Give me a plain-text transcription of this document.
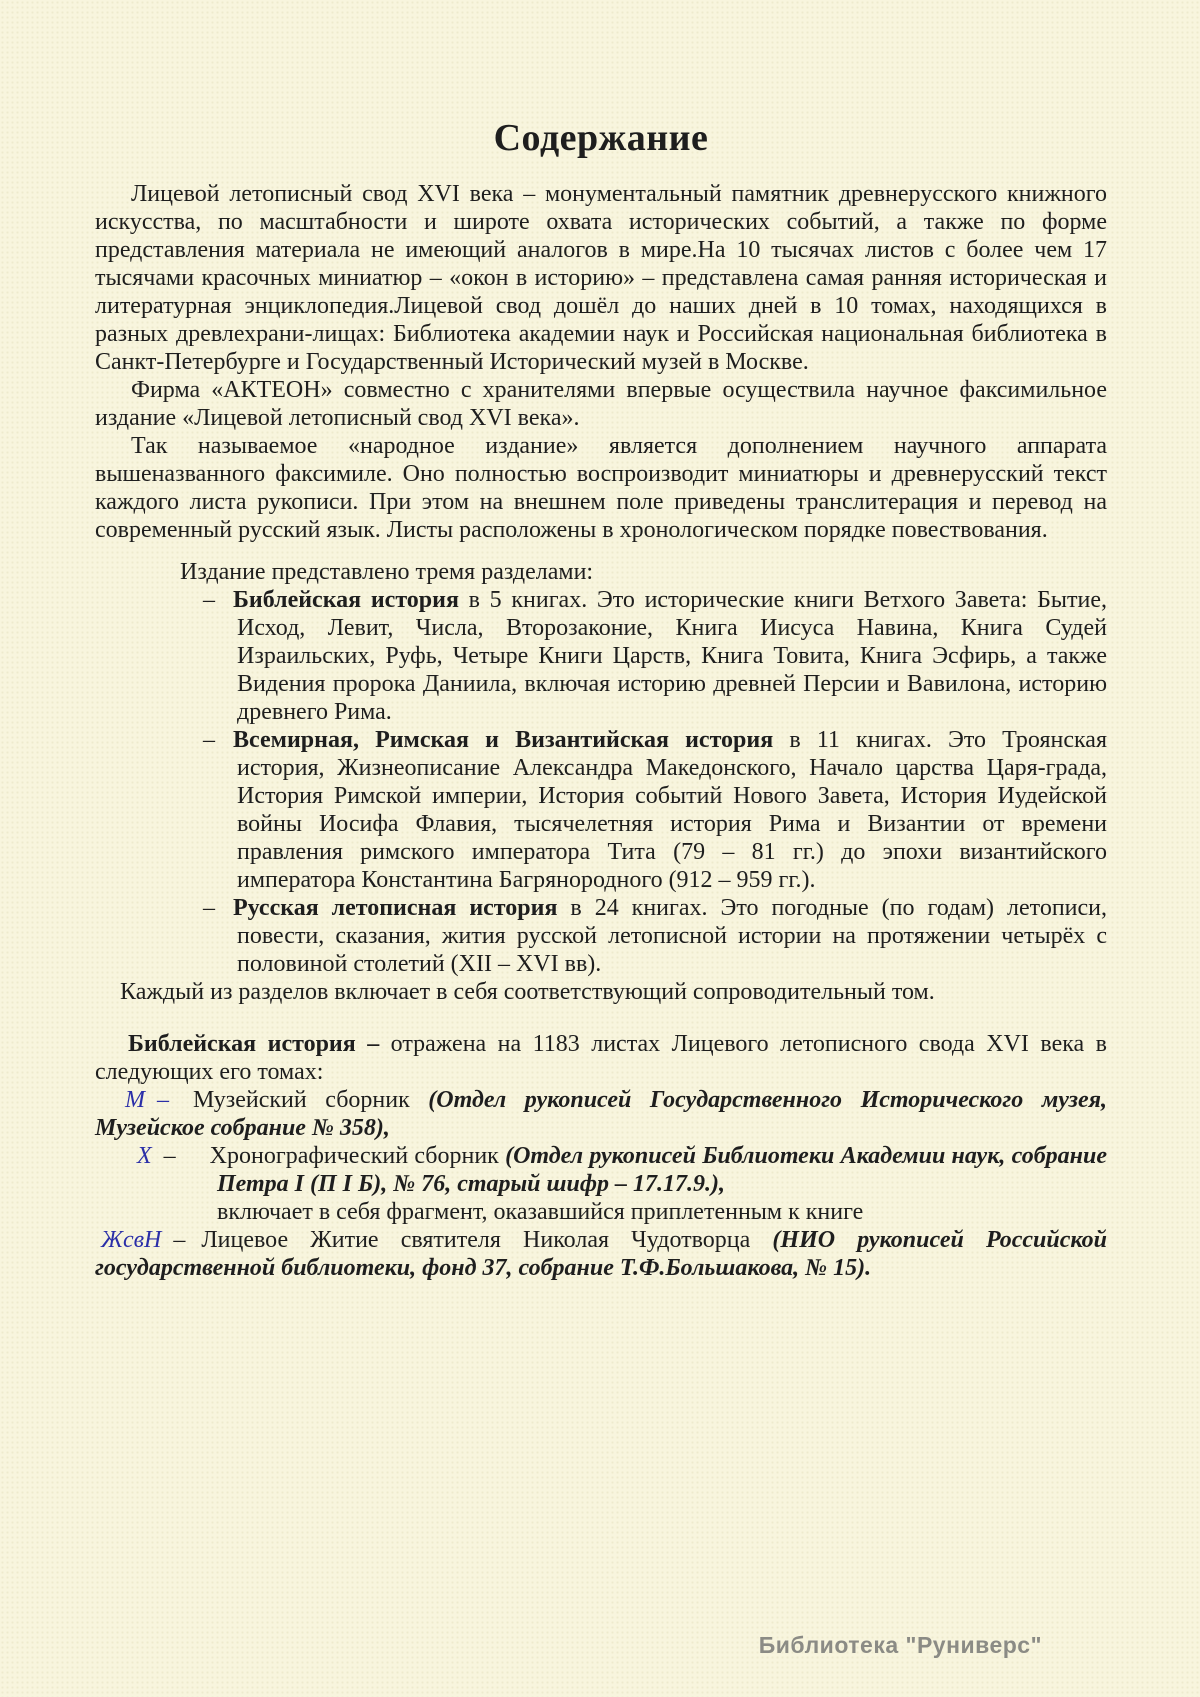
Содержание

Лицевой летописный свод XVI века – монументальный памятник древнерусского книжного искусства, по масштабности и широте охвата исторических событий, а также по форме представления материала не имеющий аналогов в мире.На 10 тысячах листов с более чем 17 тысячами красочных миниатюр – «окон в историю» – представлена самая ранняя историческая и литературная энциклопедия.Лицевой свод дошёл до наших дней в 10 томах, находящихся в разных древлехрани-лищах: Библиотека академии наук и Российская национальная библиотека в Санкт-Петербурге и Государственный Исторический музей в Москве.

Фирма «АКТЕОН» совместно с хранителями впервые осуществила научное факсимильное издание «Лицевой летописный свод XVI века».

Так называемое «народное издание» является дополнением научного аппарата вышеназванного факсимиле. Оно полностью воспроизводит миниатюры и древнерусский текст каждого листа рукописи. При этом на внешнем поле приведены транслитерация и перевод на современный русский язык. Листы расположены в хронологическом порядке повествования.

Издание представлено тремя разделами:

– Библейская история в 5 книгах. Это исторические книги Ветхого Завета: Бытие, Исход, Левит, Числа, Второзаконие, Книга Иисуса Навина, Книга Судей Израильских, Руфь, Четыре Книги Царств, Книга Товита, Книга Эсфирь, а также Видения пророка Даниила, включая историю древней Персии и Вавилона, историю древнего Рима.

– Всемирная, Римская и Византийская история в 11 книгах. Это Троянская история, Жизнеописание Александра Македонского, Начало царства Царя-града, История Римской империи, История событий Нового Завета, История Иудейской войны Иосифа Флавия, тысячелетняя история Рима и Византии от времени правления римского императора Тита (79 – 81 гг.) до эпохи византийского императора Константина Багрянородного (912 – 959 гг.).

– Русская летописная история в 24 книгах. Это погодные (по годам) летописи, повести, сказания, жития русской летописной истории на протяжении четырёх с половиной столетий (XII – XVI вв).

Каждый из разделов включает в себя соответствующий сопроводительный том.

Библейская история – отражена на 1183 листах Лицевого летописного свода XVI века в следующих его томах:

М – Музейский сборник (Отдел рукописей Государственного Исторического музея, Музейское собрание № 358),

Х – Хронографический сборник (Отдел рукописей Библиотеки Академии наук, собрание Петра I (П I Б), № 76, старый шифр – 17.17.9.),

включает в себя фрагмент, оказавшийся приплетенным к книге

ЖсвН – Лицевое Житие святителя Николая Чудотворца (НИО рукописей Российской государственной библиотеки, фонд 37, собрание Т.Ф.Большакова, № 15).

Библиотека "Руниверс"
